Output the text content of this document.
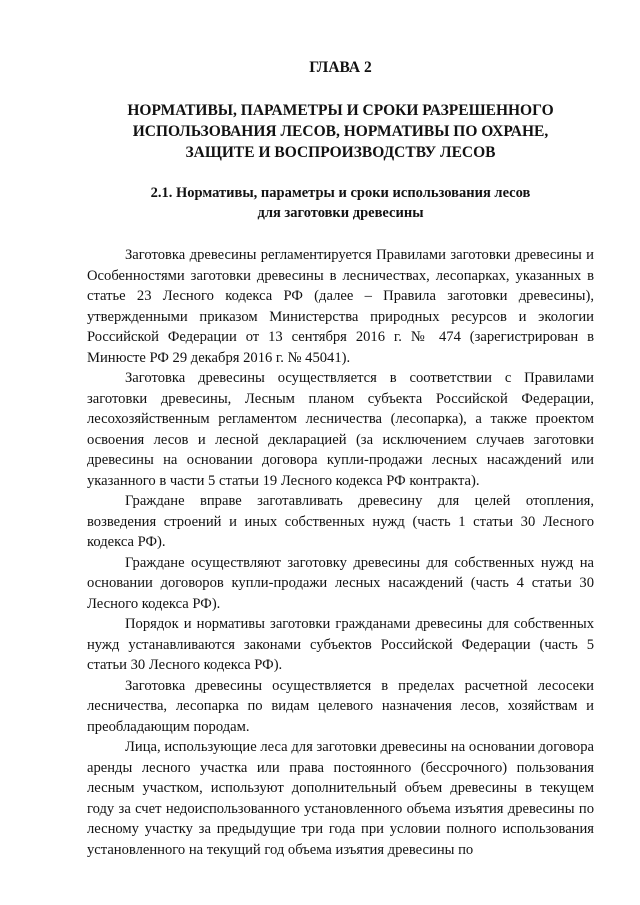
ГЛАВА 2
НОРМАТИВЫ, ПАРАМЕТРЫ И СРОКИ РАЗРЕШЕННОГО
ИСПОЛЬЗОВАНИЯ ЛЕСОВ, НОРМАТИВЫ ПО ОХРАНЕ,
ЗАЩИТЕ И ВОСПРОИЗВОДСТВУ ЛЕСОВ
2.1. Нормативы, параметры и сроки использования лесов
для заготовки древесины

Заготовка древесины регламентируется Правилами заготовки древесины и Особенностями заготовки древесины в лесничествах, лесопарках, указанных в статье 23 Лесного кодекса РФ (далее – Правила заготовки древесины), утвержденными приказом Министерства природных ресурсов и экологии Российской Федерации от 13 сентября 2016 г. № 474 (зарегистрирован в Минюсте РФ 29 декабря 2016 г. № 45041).

Заготовка древесины осуществляется в соответствии с Правилами заготовки древесины, Лесным планом субъекта Российской Федерации, лесохозяйственным регламентом лесничества (лесопарка), а также проектом освоения лесов и лесной декларацией (за исключением случаев заготовки древесины на основании договора купли-продажи лесных насаждений или указанного в части 5 статьи 19 Лесного кодекса РФ контракта).

Граждане вправе заготавливать древесину для целей отопления, возведения строений и иных собственных нужд (часть 1 статьи 30 Лесного кодекса РФ).

Граждане осуществляют заготовку древесины для собственных нужд на основании договоров купли-продажи лесных насаждений (часть 4 статьи 30 Лесного кодекса РФ).

Порядок и нормативы заготовки гражданами древесины для собственных нужд устанавливаются законами субъектов Российской Федерации (часть 5 статьи 30 Лесного кодекса РФ).

Заготовка древесины осуществляется в пределах расчетной лесосеки лесничества, лесопарка по видам целевого назначения лесов, хозяйствам и преобладающим породам.

Лица, использующие леса для заготовки древесины на основании договора аренды лесного участка или права постоянного (бессрочного) пользования лесным участком, используют дополнительный объем древесины в текущем году за счет недоиспользованного установленного объема изъятия древесины по лесному участку за предыдущие три года при условии полного использования установленного на текущий год объема изъятия древесины по
